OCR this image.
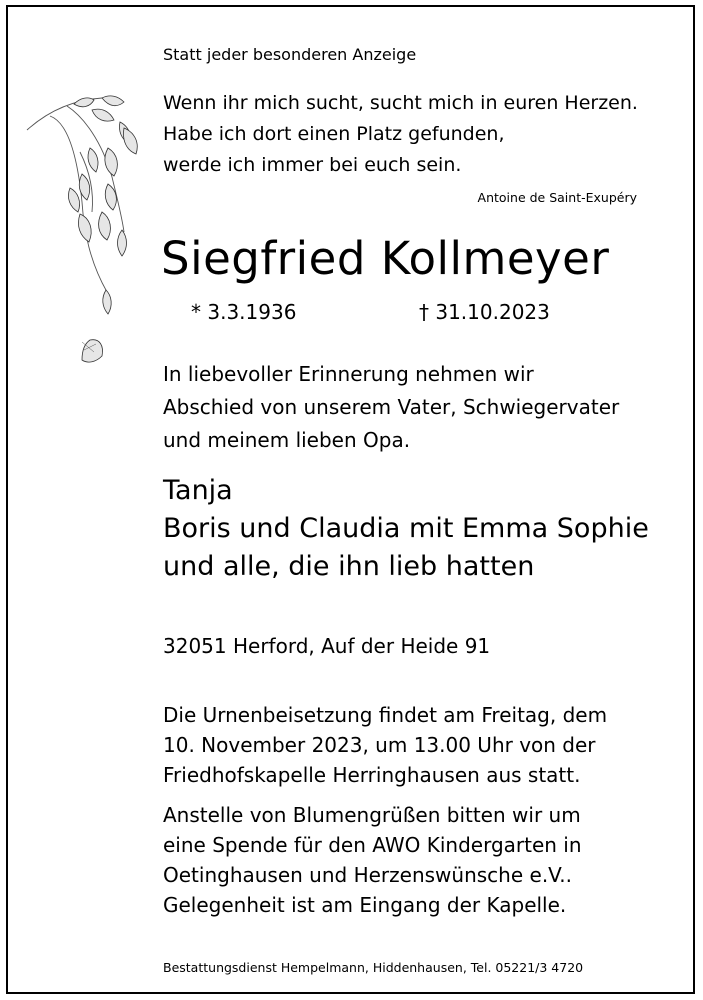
Statt jeder besonderen Anzeige
Wenn ihr mich sucht, sucht mich in euren Herzen.
Habe ich dort einen Platz gefunden,
werde ich immer bei euch sein.
Antoine de Saint-Exupéry
Siegfried Kollmeyer
* 3.3.1936	† 31.10.2023
In liebevoller Erinnerung nehmen wir
Abschied von unserem Vater, Schwiegervater
und meinem lieben Opa.
Tanja
Boris und Claudia mit Emma Sophie
und alle, die ihn lieb hatten
32051 Herford, Auf der Heide 91
Die Urnenbeisetzung findet am Freitag, dem
10. November 2023, um 13.00 Uhr von der
Friedhofskapelle Herringhausen aus statt.
Anstelle von Blumengrüßen bitten wir um
eine Spende für den AWO Kindergarten in
Oetinghausen und Herzenswünsche e.V..
Gelegenheit ist am Eingang der Kapelle.
Bestattungsdienst Hempelmann, Hiddenhausen, Tel. 05221/3 4720
